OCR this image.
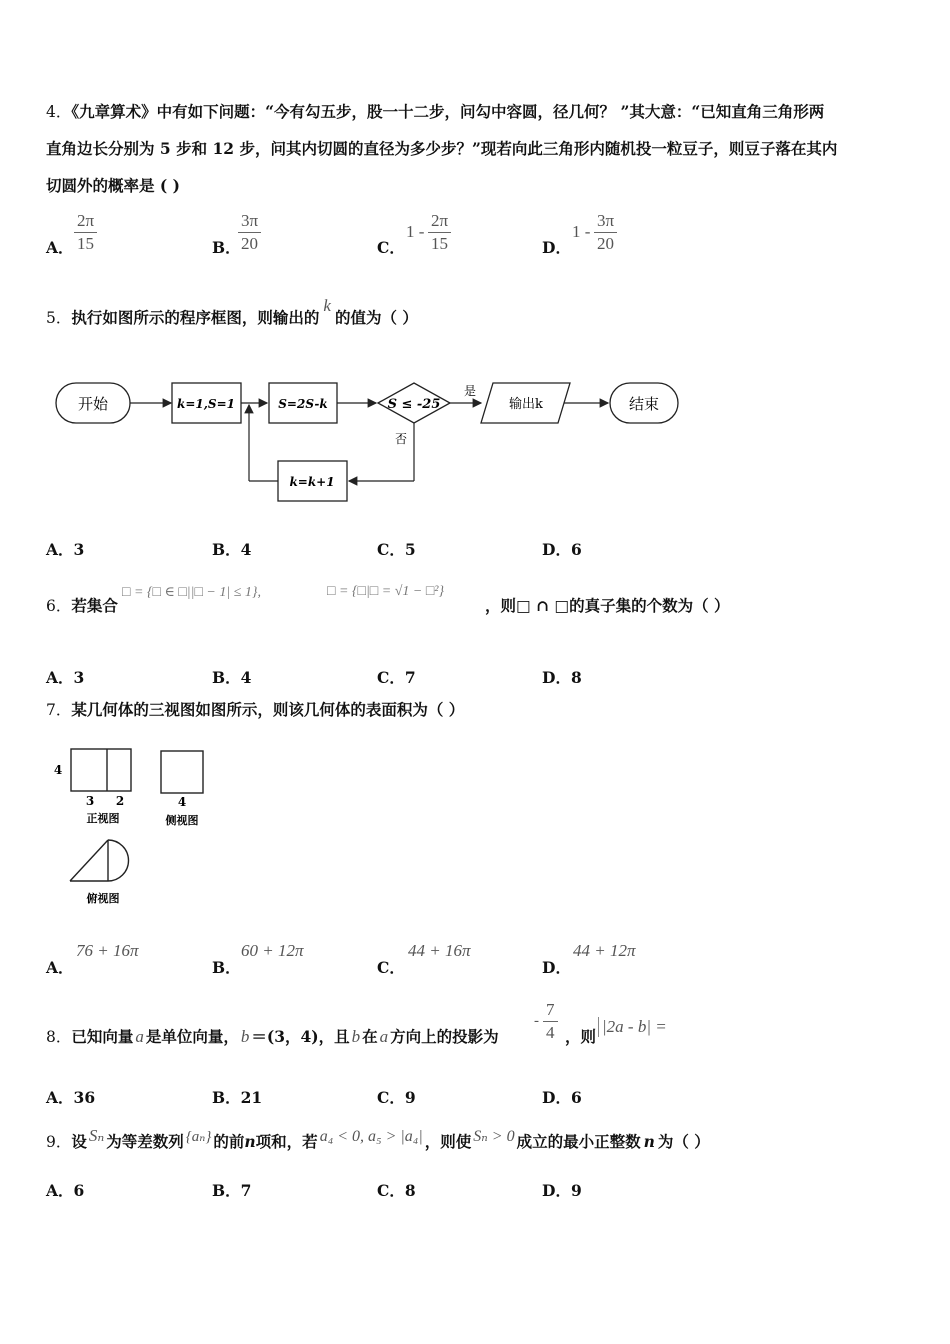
4．《九章算术》中有如下问题：“今有勾五步，股一十二步，问勾中容圆，径几何？ ”其大意：“已知直角三角形两
直角边长分别为 5 步和 12 步，问其内切圆的直径为多少步？”现若向此三角形内随机投一粒豆子，则豆子落在其内
切圆外的概率是 ( )
A．
2π
15	B．
3π
20	C．
1 -
2π
15	D．
1 -
3π
20
5．执行如图所示的程序框图，则输出的k的值为（ ）
开始	k=1,S=1	S=2S-k	S ≤ -25
是
输出k	结束
否
k=k+1
A．3	B．4	C．5	D．6
6．若集合
□ = {□ ∈ □||□ − 1| ≤ 1},	□ = {□|□ = √1 − □²}
，则□ ∩ □的真子集的个数为（ ）
A．3	B．4	C．7	D．8
7．某几何体的三视图如图所示，则该几何体的表面积为（ ）
4
3 2
正视图
4
侧视图
俯视图
A．
76 + 16π
B．
60 + 12π
C．
44 + 16π
D．
44 + 12π
8．已知向量 a 是单位向量， b ＝(3，4)，且 b 在 a 方向上的投影为
-
7
4 ，则
|2a - b| =
A．36	B．21	C．9	D．6
9．设 Sₙ 为等差数列 {aₙ} 的前n项和，若 a₄ < 0, a₅ > |a₄| ，则使 Sₙ > 0 成立的最小正整数 n 为（ ）
A．6	B．7	C．8	D．9
